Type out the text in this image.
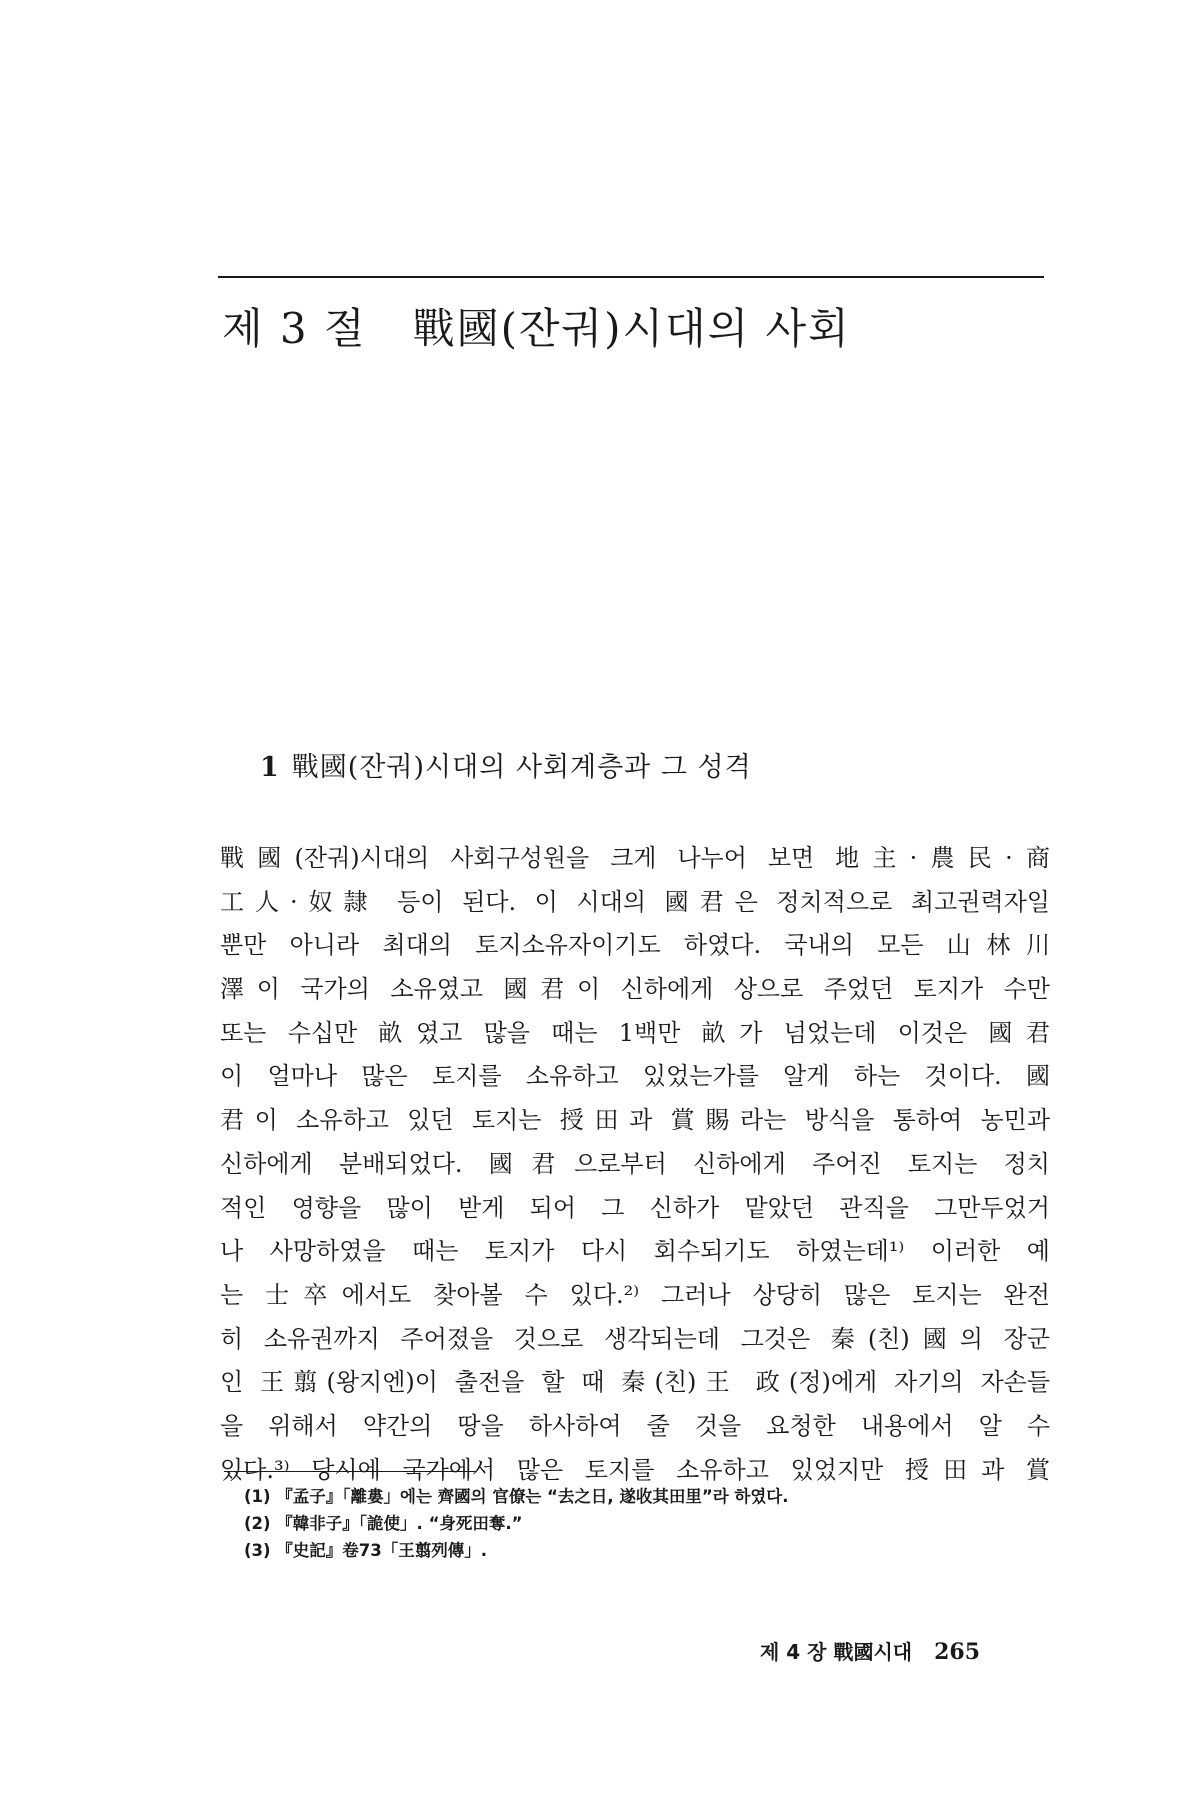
제 3 절 戰國(잔궈)시대의 사회
1 戰國(잔궈)시대의 사회계층과 그 성격
戰國(잔궈)시대의 사회구성원을 크게 나누어 보면 地主·農民·商
工人·奴隷 등이 된다. 이 시대의 國君은 정치적으로 최고권력자일
뿐만 아니라 최대의 토지소유자이기도 하였다. 국내의 모든 山林川
澤이 국가의 소유였고 國君이 신하에게 상으로 주었던 토지가 수만
또는 수십만 畝였고 많을 때는 1백만 畝가 넘었는데 이것은 國君
이 얼마나 많은 토지를 소유하고 있었는가를 알게 하는 것이다. 國
君이 소유하고 있던 토지는 授田과 賞賜라는 방식을 통하여 농민과
신하에게 분배되었다. 國君으로부터 신하에게 주어진 토지는 정치
적인 영향을 많이 받게 되어 그 신하가 맡았던 관직을 그만두었거
나 사망하였을 때는 토지가 다시 회수되기도 하였는데¹⁾ 이러한 예
는 士卒에서도 찾아볼 수 있다.²⁾ 그러나 상당히 많은 토지는 완전
히 소유권까지 주어졌을 것으로 생각되는데 그것은 秦(친)國의 장군
인 王翦(왕지엔)이 출전을 할 때 秦(친)王 政(정)에게 자기의 자손들
을 위해서 약간의 땅을 하사하여 줄 것을 요청한 내용에서 알 수
있다.³⁾ 당시에 국가에서 많은 토지를 소유하고 있었지만 授田과 賞
(1) 『孟子』「離婁」에는 齊國의 官僚는 “去之日, 遂收其田里”라 하였다.
(2) 『韓非子』「詭使」. “身死田奪.”
(3) 『史記』卷73「王翦列傳」.
제 4 장 戰國시대 265
